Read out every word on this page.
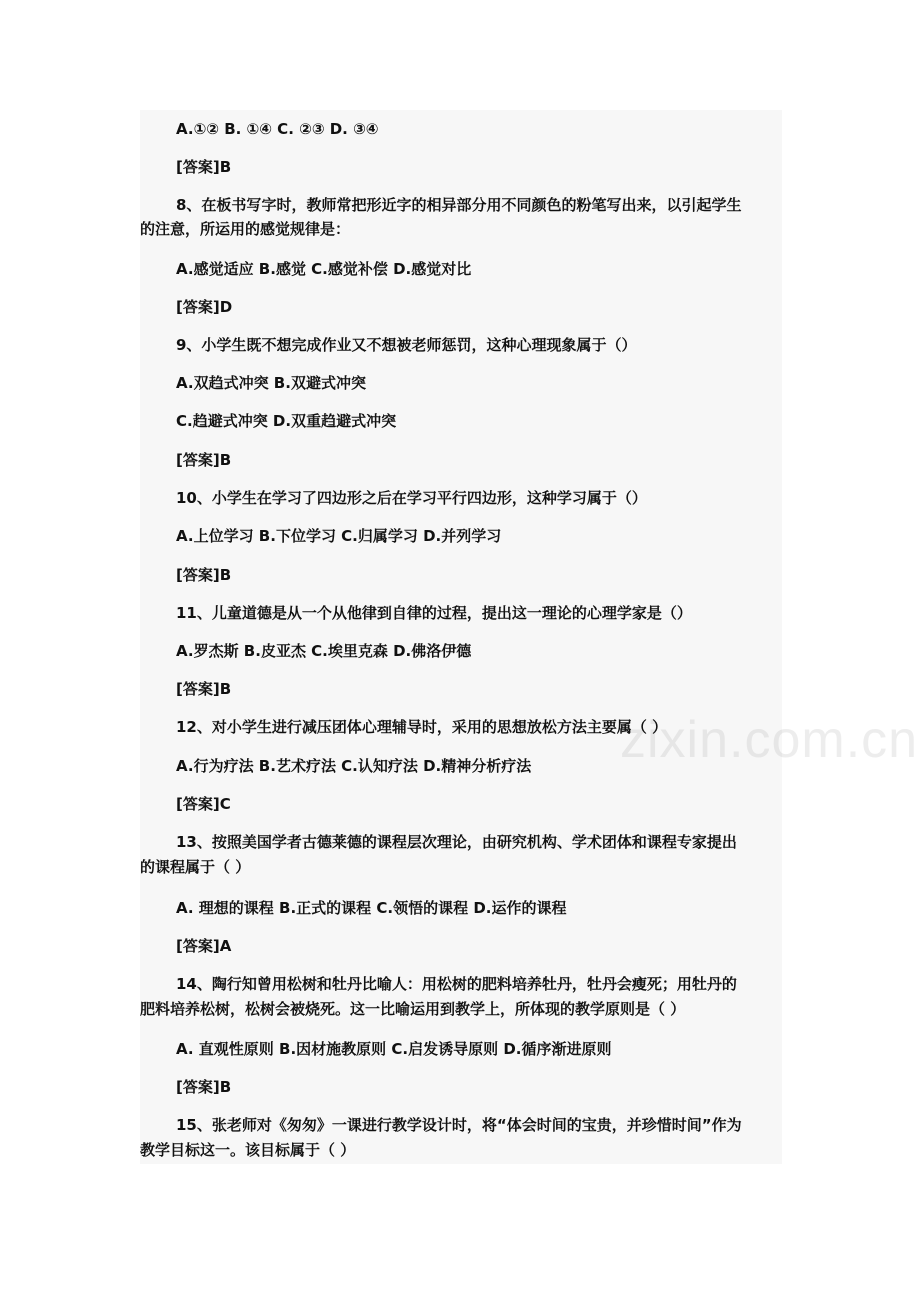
zixin.com.cn
A.①② B. ①④ C. ②③ D. ③④
[答案]B
8、在板书写字时，教师常把形近字的相异部分用不同颜色的粉笔写出来，以引起学生
的注意，所运用的感觉规律是：
A.感觉适应 B.感觉 C.感觉补偿 D.感觉对比
[答案]D
9、小学生既不想完成作业又不想被老师惩罚，这种心理现象属于（）
A.双趋式冲突 B.双避式冲突
C.趋避式冲突 D.双重趋避式冲突
[答案]B
10、小学生在学习了四边形之后在学习平行四边形，这种学习属于（）
A.上位学习 B.下位学习 C.归属学习 D.并列学习
[答案]B
11、儿童道德是从一个从他律到自律的过程，提出这一理论的心理学家是（）
A.罗杰斯 B.皮亚杰 C.埃里克森 D.佛洛伊德
[答案]B
12、对小学生进行减压团体心理辅导时，采用的思想放松方法主要属（ ）
A.行为疗法 B.艺术疗法 C.认知疗法 D.精神分析疗法
[答案]C
13、按照美国学者古德莱德的课程层次理论，由研究机构、学术团体和课程专家提出
的课程属于（ ）
A. 理想的课程 B.正式的课程 C.领悟的课程 D.运作的课程
[答案]A
14、陶行知曾用松树和牡丹比喻人：用松树的肥料培养牡丹，牡丹会瘦死；用牡丹的
肥料培养松树，松树会被烧死。这一比喻运用到教学上，所体现的教学原则是（ ）
A. 直观性原则 B.因材施教原则 C.启发诱导原则 D.循序渐进原则
[答案]B
15、张老师对《匆匆》一课进行教学设计时，将“体会时间的宝贵，并珍惜时间”作为
教学目标这一。该目标属于（ ）
